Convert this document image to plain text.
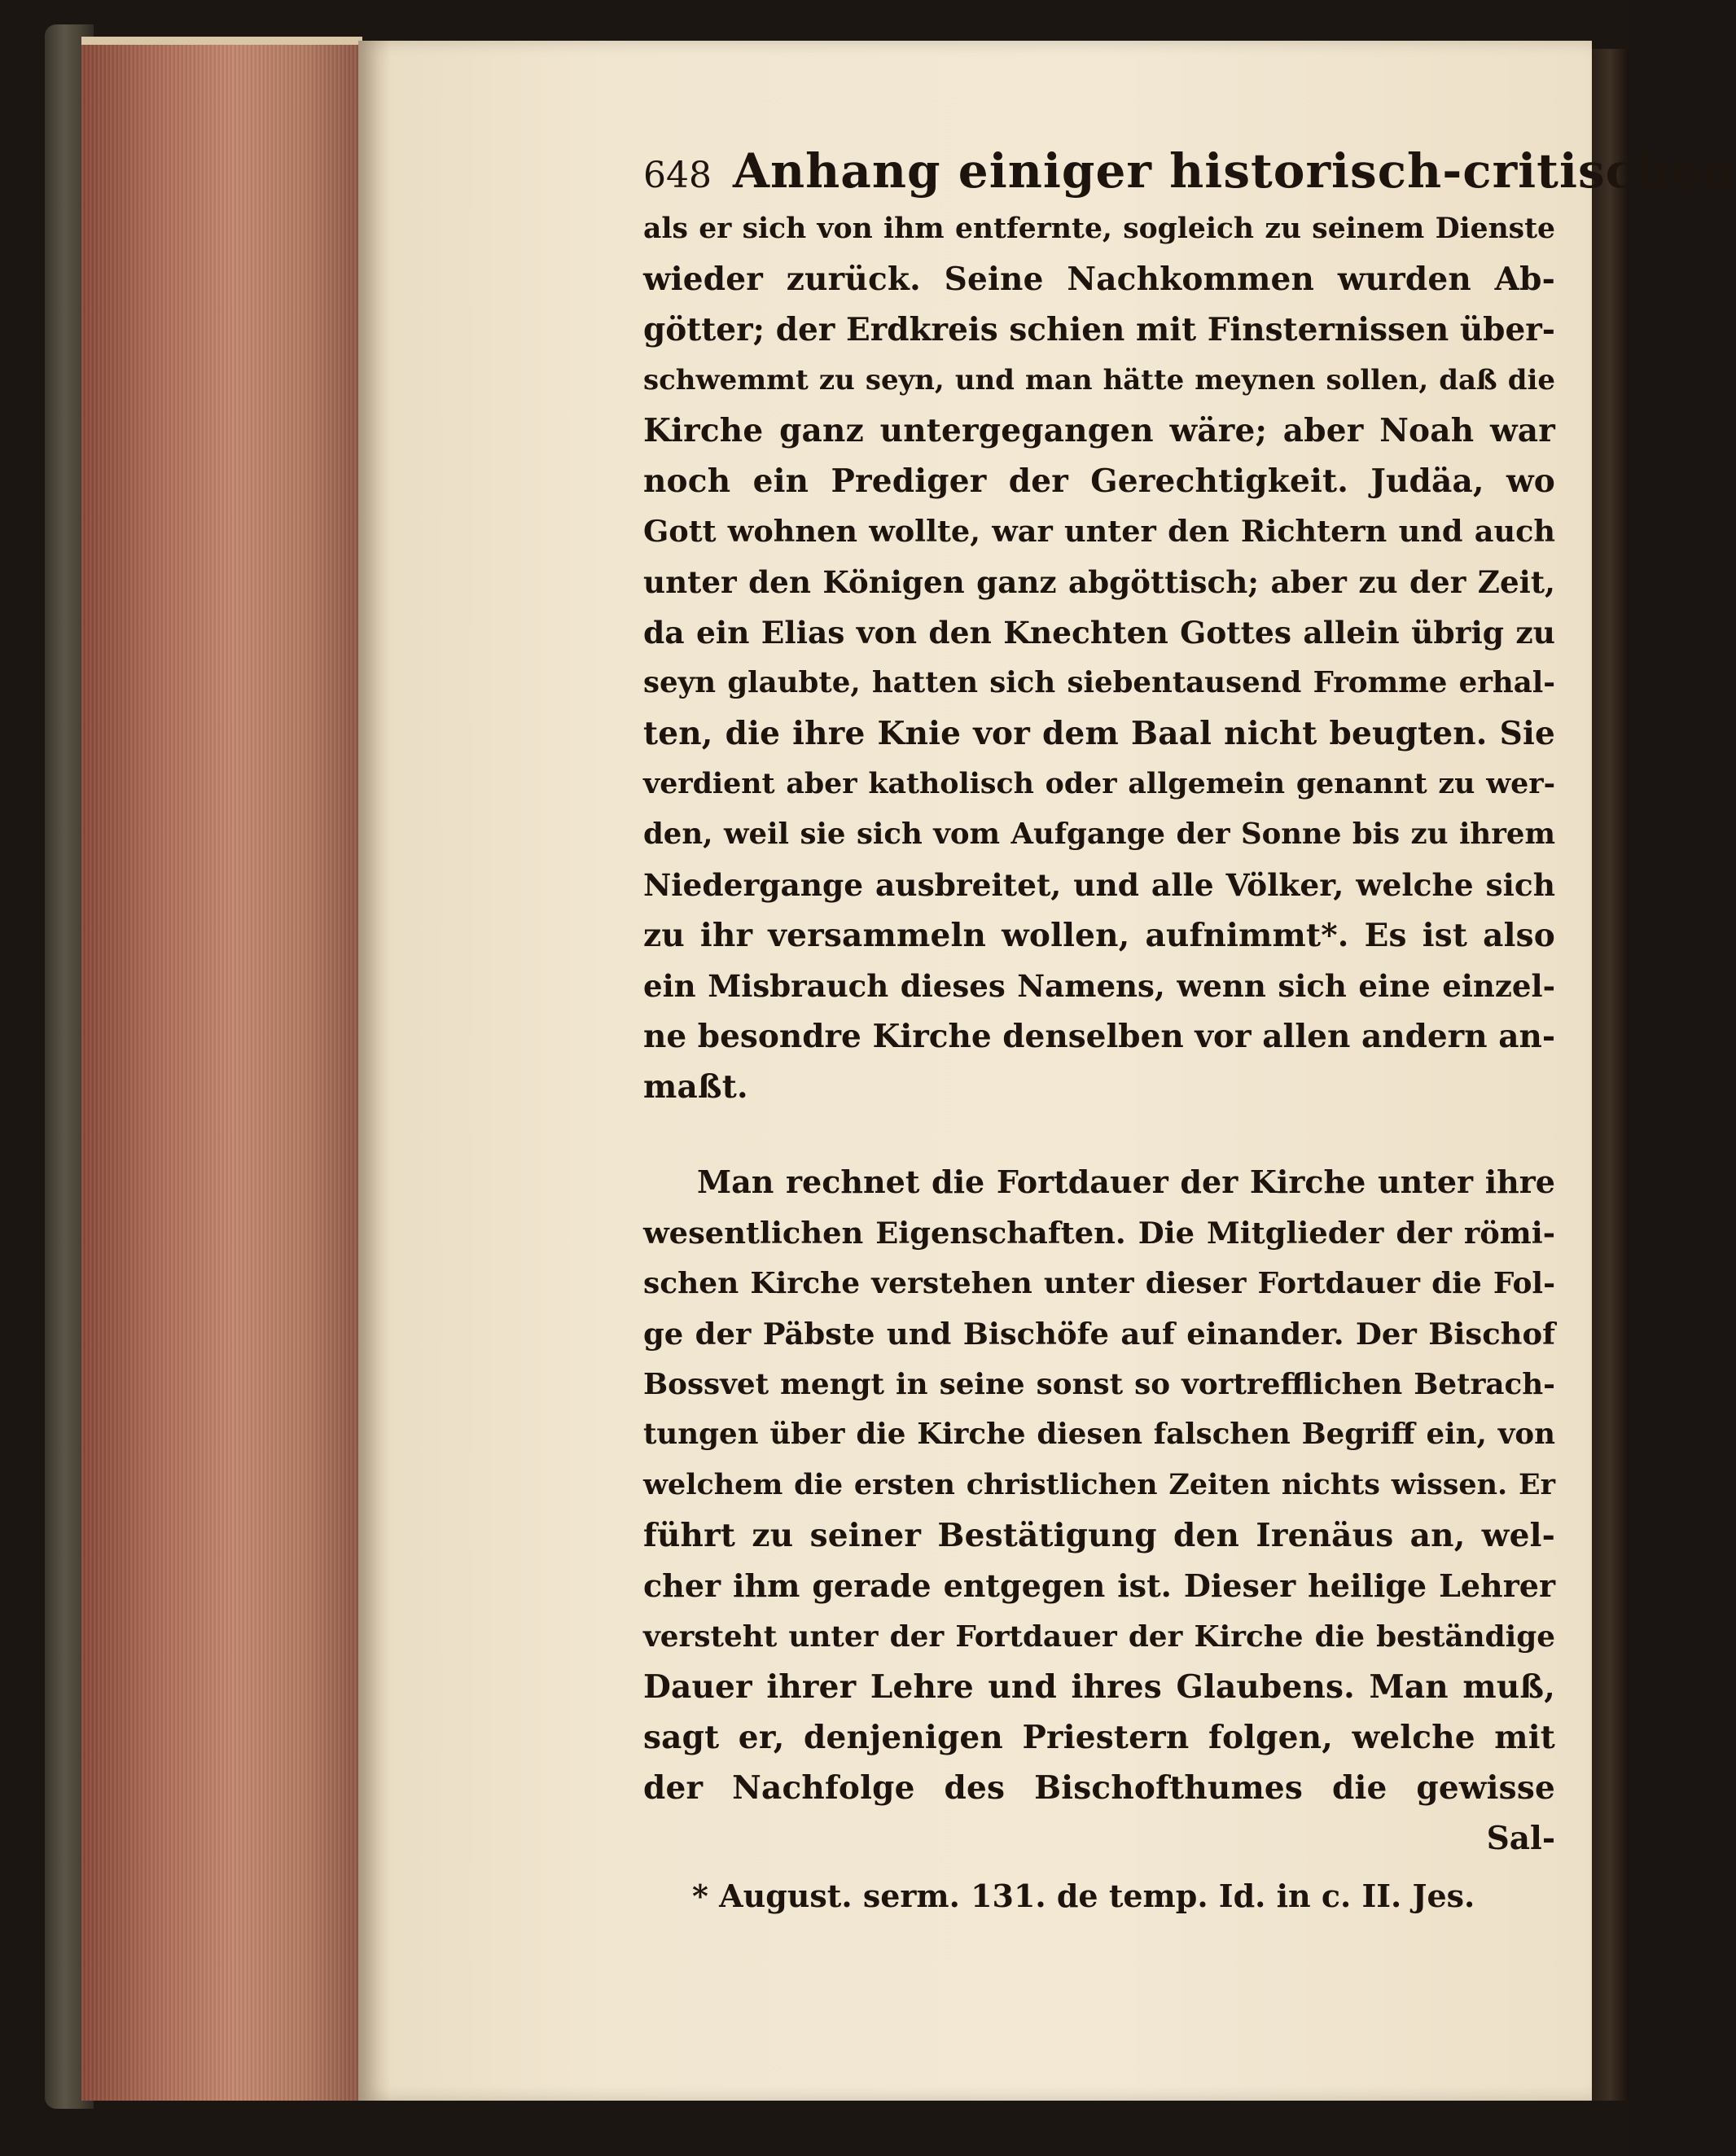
648 Anhang einiger historisch-critischen
als er sich von ihm entfernte, sogleich zu seinem Dienste
wieder zurück. Seine Nachkommen wurden Ab-
götter; der Erdkreis schien mit Finsternissen über-
schwemmt zu seyn, und man hätte meynen sollen, daß die
Kirche ganz untergegangen wäre; aber Noah war
noch ein Prediger der Gerechtigkeit. Judäa, wo
Gott wohnen wollte, war unter den Richtern und auch
unter den Königen ganz abgöttisch; aber zu der Zeit,
da ein Elias von den Knechten Gottes allein übrig zu
seyn glaubte, hatten sich siebentausend Fromme erhal-
ten, die ihre Knie vor dem Baal nicht beugten. Sie
verdient aber katholisch oder allgemein genannt zu wer-
den, weil sie sich vom Aufgange der Sonne bis zu ihrem
Niedergange ausbreitet, und alle Völker, welche sich
zu ihr versammeln wollen, aufnimmt*. Es ist also
ein Misbrauch dieses Namens, wenn sich eine einzel-
ne besondre Kirche denselben vor allen andern an-
maßt.
Man rechnet die Fortdauer der Kirche unter ihre
wesentlichen Eigenschaften. Die Mitglieder der römi-
schen Kirche verstehen unter dieser Fortdauer die Fol-
ge der Päbste und Bischöfe auf einander. Der Bischof
Bossvet mengt in seine sonst so vortrefflichen Betrach-
tungen über die Kirche diesen falschen Begriff ein, von
welchem die ersten christlichen Zeiten nichts wissen. Er
führt zu seiner Bestätigung den Irenäus an, wel-
cher ihm gerade entgegen ist. Dieser heilige Lehrer
versteht unter der Fortdauer der Kirche die beständige
Dauer ihrer Lehre und ihres Glaubens. Man muß,
sagt er, denjenigen Priestern folgen, welche mit
der Nachfolge des Bischofthumes die gewisse
Sal-
* August. serm. 131. de temp. Id. in c. II. Jes.
